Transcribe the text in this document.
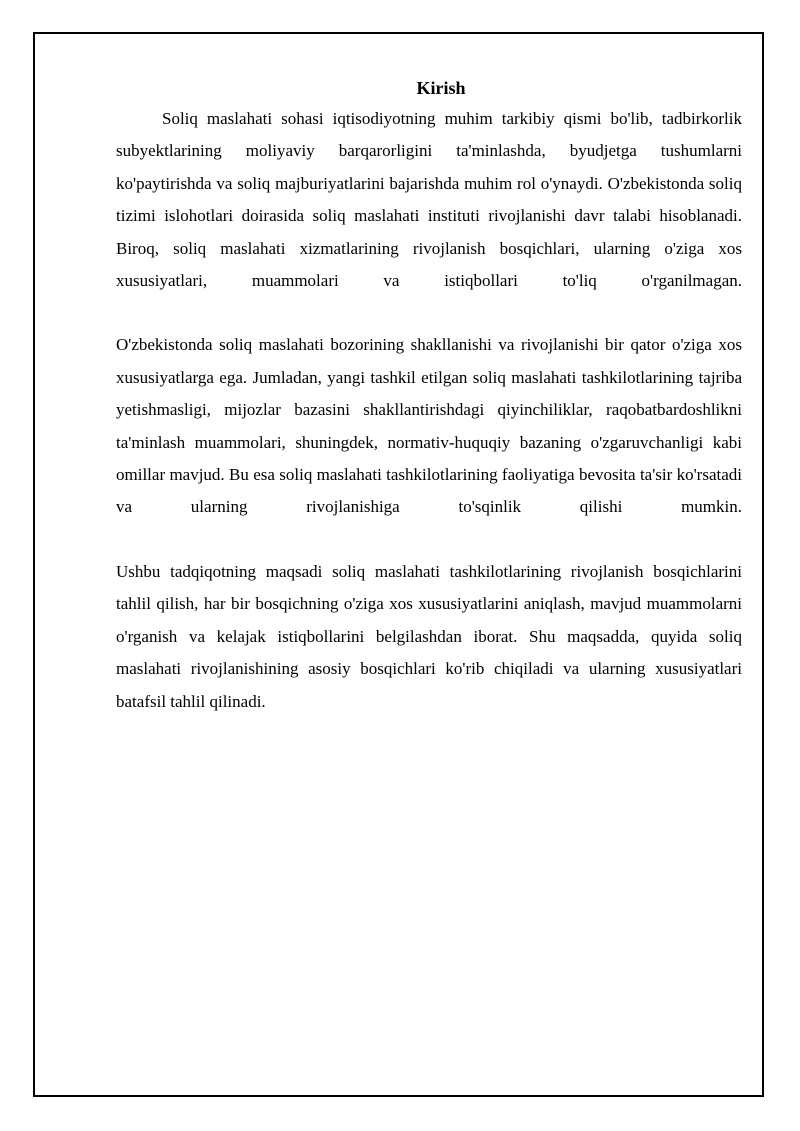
Kirish

Soliq maslahati sohasi iqtisodiyotning muhim tarkibiy qismi bo'lib, tadbirkorlik subyektlarining moliyaviy barqarorligini ta'minlashda, byudjetga tushumlarni ko'paytirishda va soliq majburiyatlarini bajarishda muhim rol o'ynaydi. O'zbekistonda soliq tizimi islohotlari doirasida soliq maslahati instituti rivojlanishi davr talabi hisoblanadi. Biroq, soliq maslahati xizmatlarining rivojlanish bosqichlari, ularning o'ziga xos xususiyatlari, muammolari va istiqbollari to'liq o'rganilmagan.

O'zbekistonda soliq maslahati bozorining shakllanishi va rivojlanishi bir qator o'ziga xos xususiyatlarga ega. Jumladan, yangi tashkil etilgan soliq maslahati tashkilotlarining tajriba yetishmasligi, mijozlar bazasini shakllantirishdagi qiyinchiliklar, raqobatbardoshlikni ta'minlash muammolari, shuningdek, normativ-huquqiy bazaning o'zgaruvchanligi kabi omillar mavjud. Bu esa soliq maslahati tashkilotlarining faoliyatiga bevosita ta'sir ko'rsatadi va ularning rivojlanishiga to'sqinlik qilishi mumkin.

Ushbu tadqiqotning maqsadi soliq maslahati tashkilotlarining rivojlanish bosqichlarini tahlil qilish, har bir bosqichning o'ziga xos xususiyatlarini aniqlash, mavjud muammolarni o'rganish va kelajak istiqbollarini belgilashdan iborat. Shu maqsadda, quyida soliq maslahati rivojlanishining asosiy bosqichlari ko'rib chiqiladi va ularning xususiyatlari batafsil tahlil qilinadi.
